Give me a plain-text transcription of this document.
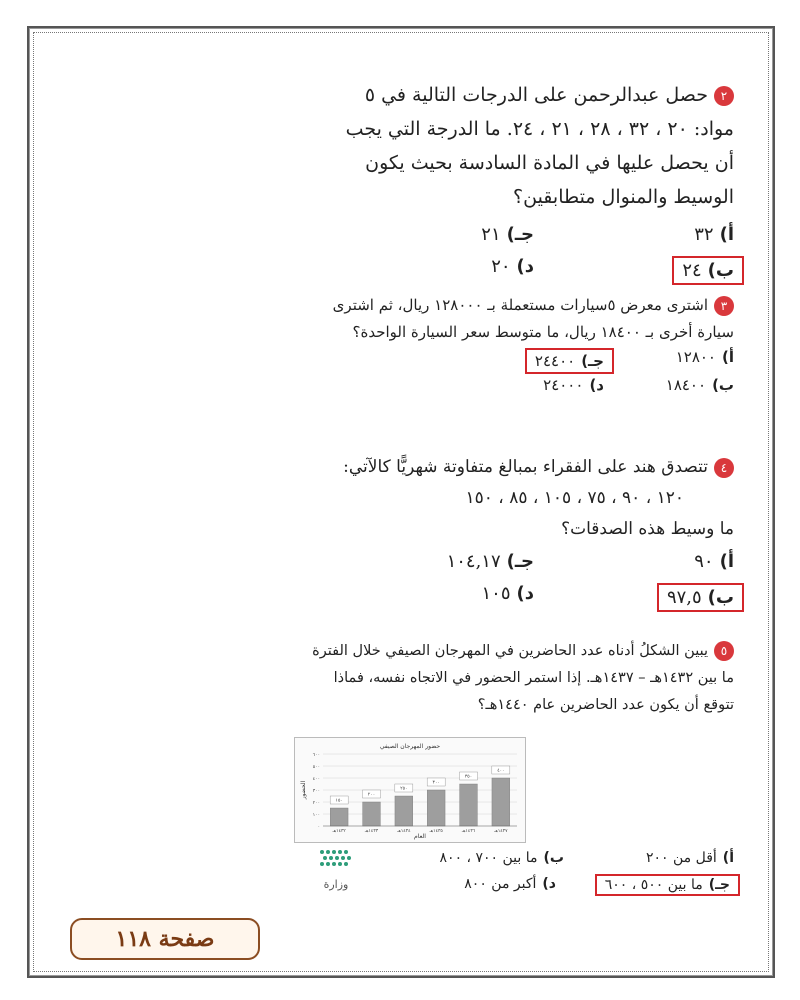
٢حصل عبدالرحمن على الدرجات التالية في ٥ مواد: ٢٠ ، ٣٢ ، ٢٨ ، ٢١ ، ٢٤. ما الدرجة التي يجب أن يحصل عليها في المادة السادسة بحيث يكون الوسيط والمنوال متطابقين؟
أ)٣٢
جـ)٢١
ب)٢٤
د)٢٠
٣اشترى معرض ٥سيارات مستعملة بـ ١٢٨٠٠٠ ريال، ثم اشترى سيارة أخرى بـ ١٨٤٠٠ ريال، ما متوسط سعر السيارة الواحدة؟
أ)١٢٨٠٠
جـ)٢٤٤٠٠
ب)١٨٤٠٠
د)٢٤٠٠٠
٤تتصدق هند على الفقراء بمبالغ متفاوتة شهريًّا كالآتي:
١٢٠ ، ٩٠ ، ٧٥ ، ١٠٥ ، ٨٥ ، ١٥٠
ما وسيط هذه الصدقات؟
أ)٩٠
جـ)١٠٤,١٧
ب)٩٧,٥
د)١٠٥
٥يبين الشكلُ أدناه عدد الحاضرين في المهرجان الصيفي خلال الفترة ما بين ١٤٣٢هـ – ١٤٣٧هـ. إذا استمر الحضور في الاتجاه نفسه، فماذا تتوقع أن يكون عدد الحاضرين عام ١٤٤٠هـ؟
حضور المهرجان الصيفي
الحضور
العام
٠
١٠٠
٢٠٠
٣٠٠
٤٠٠
٥٠٠
٦٠٠
١٥٠
١٤٣٢هـ
٢٠٠
١٤٣٣هـ
٢٥٠
١٤٣٤هـ
٣٠٠
١٤٣٥هـ
٣٥٠
١٤٣٦هـ
٤٠٠
١٤٣٧هـ
أ)أقل من ٢٠٠
ب)ما بين ٧٠٠ ، ٨٠٠
جـ)ما بين ٥٠٠ ، ٦٠٠
د)أكبر من ٨٠٠
وزارة
صفحة ١١٨
